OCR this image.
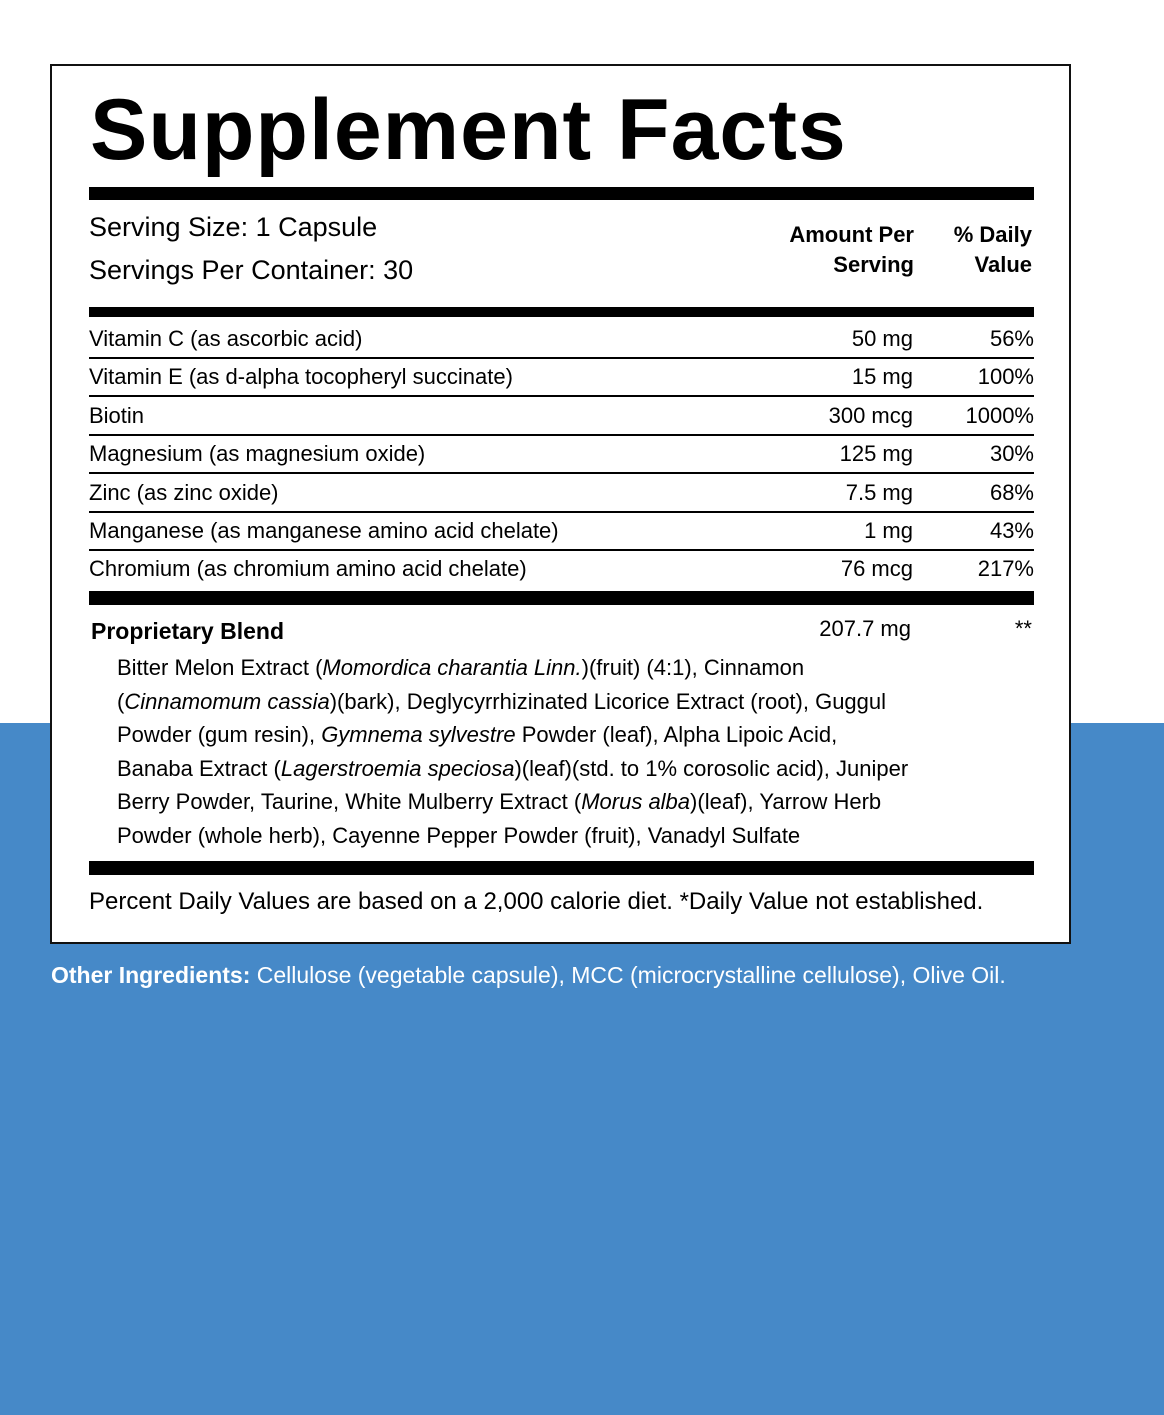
Supplement Facts
Serving Size: 1 Capsule
Servings Per Container: 30
Amount Per
Serving
% Daily
Value
Vitamin C (as ascorbic acid)	50 mg	56%
Vitamin E (as d-alpha tocopheryl succinate)	15 mg	100%
Biotin	300 mcg 1000%
Magnesium (as magnesium oxide)	125 mg	30%
Zinc (as zinc oxide)	7.5 mg	68%
Manganese (as manganese amino acid chelate)	1 mg	43%
Chromium (as chromium amino acid chelate)	76 mcg	217%
Proprietary Blend	207.7 mg	**
Bitter Melon Extract (Momordica charantia Linn.)(fruit) (4:1), Cinnamon
(Cinnamomum cassia)(bark), Deglycyrrhizinated Licorice Extract (root), Guggul
Powder (gum resin), Gymnema sylvestre Powder (leaf), Alpha Lipoic Acid,
Banaba Extract (Lagerstroemia speciosa)(leaf)(std. to 1% corosolic acid), Juniper
Berry Powder, Taurine, White Mulberry Extract (Morus alba)(leaf), Yarrow Herb
Powder (whole herb), Cayenne Pepper Powder (fruit), Vanadyl Sulfate
Percent Daily Values are based on a 2,000 calorie diet. *Daily Value not established.
Other Ingredients: Cellulose (vegetable capsule), MCC (microcrystalline cellulose), Olive Oil.
